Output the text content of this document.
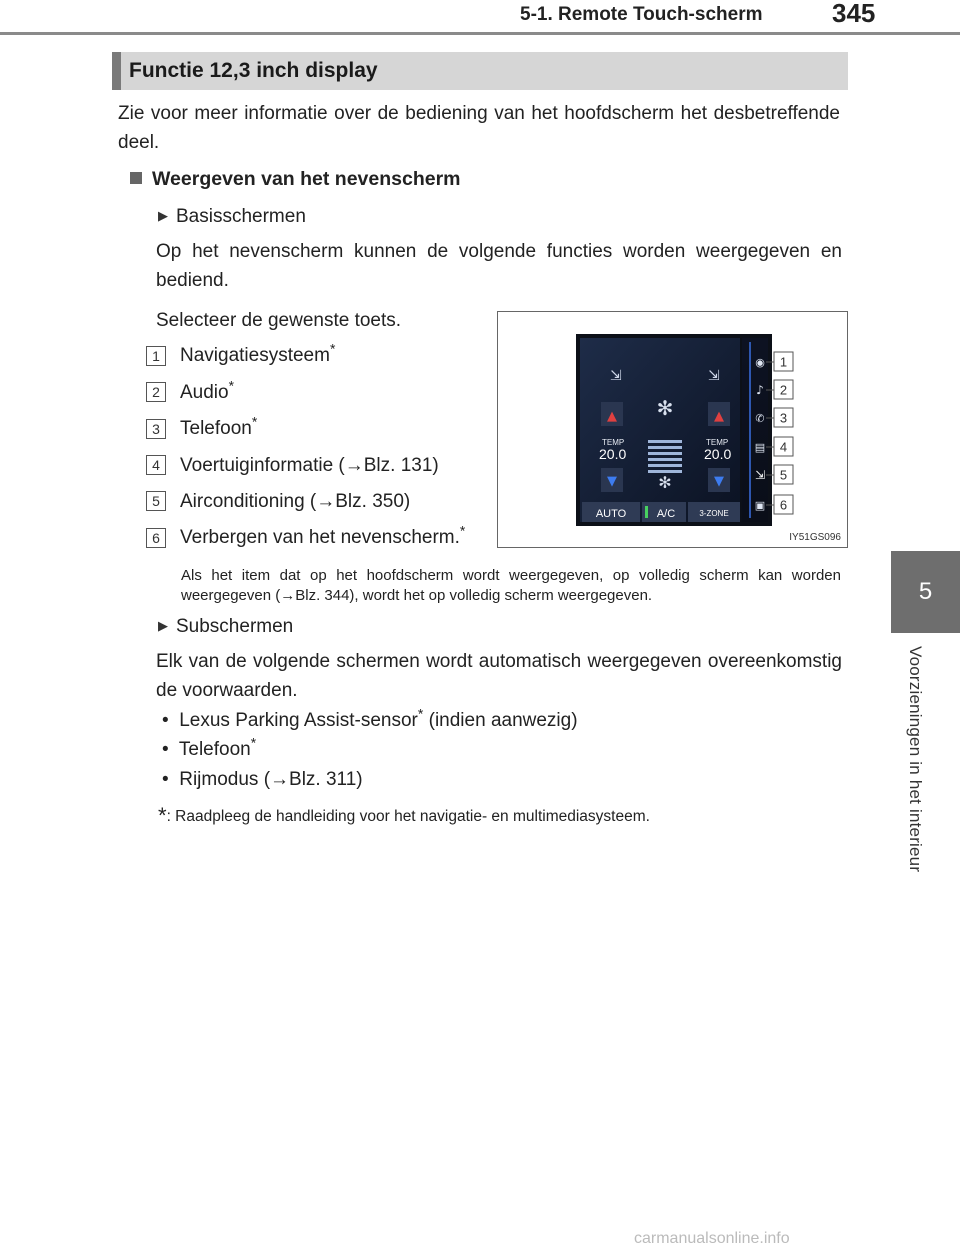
5-1. Remote Touch-scherm	345
5
Voorzieningen in het interieur
Functie 12,3 inch display
Zie voor meer informatie over de bediening van het hoofdscherm het desbetreffende deel.
Weergeven van het nevenscherm
▶ Basisschermen
Op het nevenscherm kunnen de volgende functies worden weergegeven en bediend.
Selecteer de gewenste toets.
1	Navigatiesysteem*
2	Audio*
3	Telefoon*
4	Voertuiginformatie (→Blz. 131)
5	Airconditioning (→Blz. 350)
6	Verbergen van het nevenscherm.*
Als het item dat op het hoofdscherm wordt weergegeven, op volledig scherm kan worden weergegeven (→Blz. 344), wordt het op volledig scherm weergegeven.
▶ Subschermen
Elk van de volgende schermen wordt automatisch weergegeven overeenkomstig de voorwaarden.
•  Lexus Parking Assist-sensor* (indien aanwezig)
•  Telefoon*
•  Rijmodus (→Blz. 311)
*: Raadpleeg de handleiding voor het navigatie- en multimediasysteem.
⇲	⇲
▲	▲
✻
✻
TEMP
20.0
TEMP
20.0
▼	▼
AUTO	A/C	3-ZONE
◉
♪
✆
▤
⇲
▣
1
2
3
4
5
6
IY51GS096
carmanualsonline.info
